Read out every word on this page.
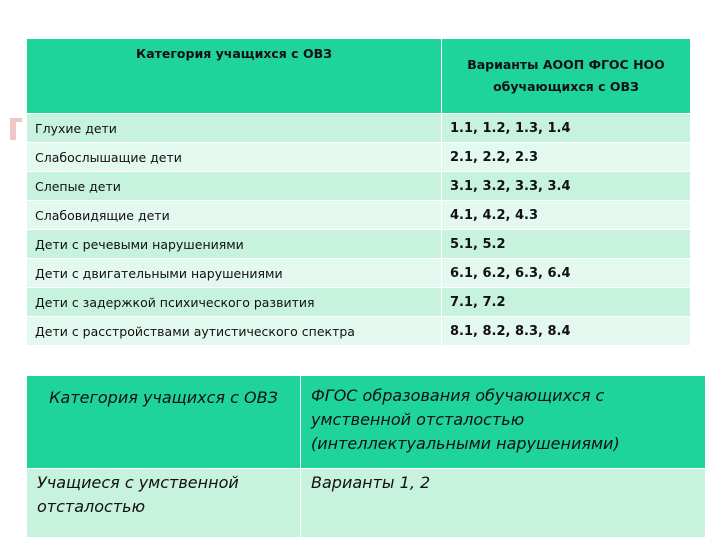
Категория учащихся с ОВЗ	Варианты АООП ФГОС НОО обучающихся с ОВЗ
Глухие дети	1.1, 1.2, 1.3, 1.4
Слабослышащие дети	2.1, 2.2, 2.3
Слепые дети	3.1, 3.2, 3.3, 3.4
Слабовидящие дети	4.1, 4.2, 4.3
Дети с речевыми нарушениями	5.1, 5.2
Дети с двигательными нарушениями	6.1, 6.2, 6.3, 6.4
Дети с задержкой психического развития	7.1, 7.2
Дети с расстройствами аутистического спектра	8.1, 8.2, 8.3, 8.4
Категория учащихся с ОВЗ	ФГОС образования обучающихся с умственной отсталостью (интеллектуальными нарушениями)
Учащиеся с умственной отсталостью	Варианты 1, 2
